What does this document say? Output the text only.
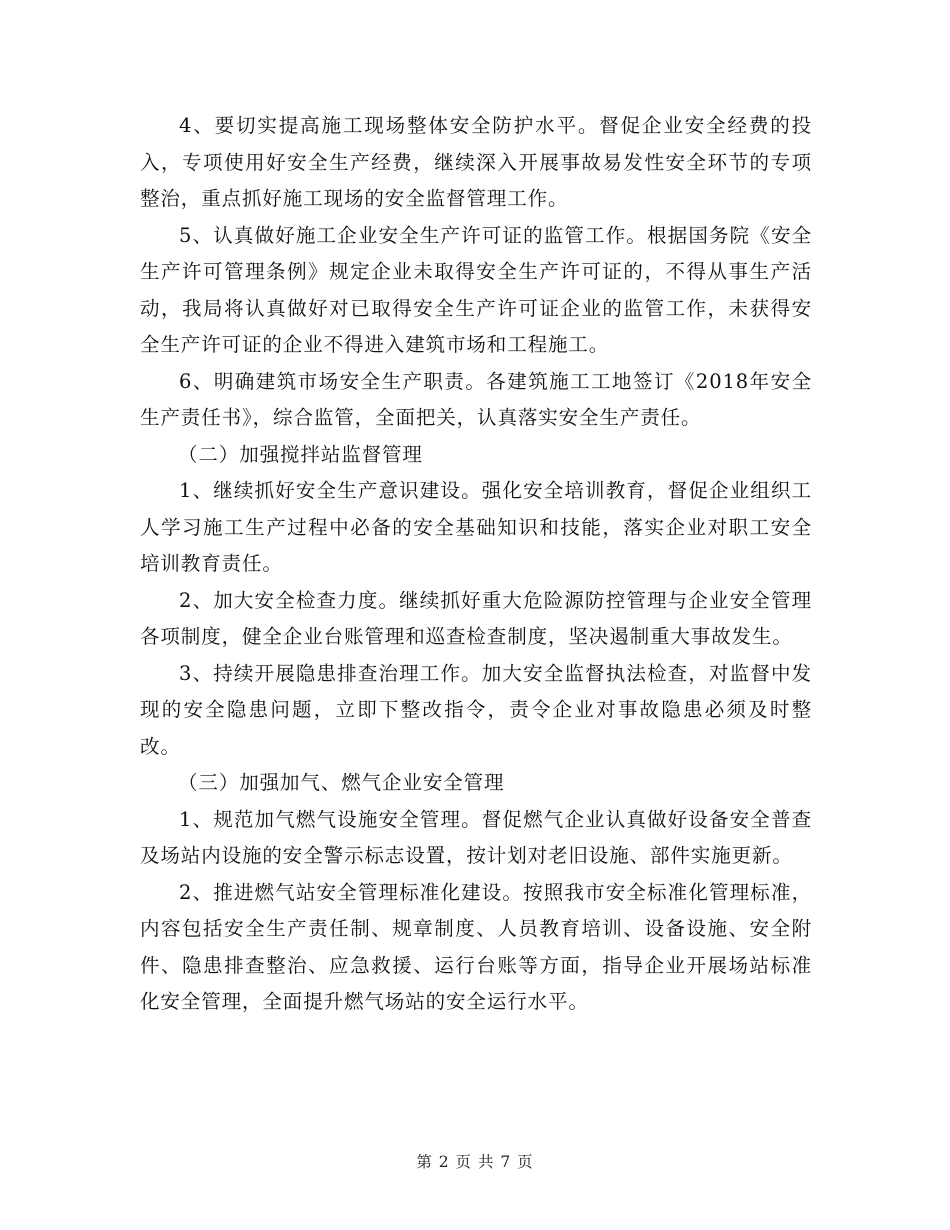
4、要切实提高施工现场整体安全防护水平。督促企业安全经费的投入，专项使用好安全生产经费，继续深入开展事故易发性安全环节的专项整治，重点抓好施工现场的安全监督管理工作。

5、认真做好施工企业安全生产许可证的监管工作。根据国务院《安全生产许可管理条例》规定企业未取得安全生产许可证的，不得从事生产活动，我局将认真做好对已取得安全生产许可证企业的监管工作，未获得安全生产许可证的企业不得进入建筑市场和工程施工。

6、明确建筑市场安全生产职责。各建筑施工工地签订《2018年安全生产责任书》，综合监管，全面把关，认真落实安全生产责任。

（二）加强搅拌站监督管理

1、继续抓好安全生产意识建设。强化安全培训教育，督促企业组织工人学习施工生产过程中必备的安全基础知识和技能，落实企业对职工安全培训教育责任。

2、加大安全检查力度。继续抓好重大危险源防控管理与企业安全管理各项制度，健全企业台账管理和巡查检查制度，坚决遏制重大事故发生。

3、持续开展隐患排查治理工作。加大安全监督执法检查，对监督中发现的安全隐患问题，立即下整改指令，责令企业对事故隐患必须及时整改。

（三）加强加气、燃气企业安全管理

1、规范加气燃气设施安全管理。督促燃气企业认真做好设备安全普查及场站内设施的安全警示标志设置，按计划对老旧设施、部件实施更新。

2、推进燃气站安全管理标准化建设。按照我市安全标准化管理标准，内容包括安全生产责任制、规章制度、人员教育培训、设备设施、安全附件、隐患排查整治、应急救援、运行台账等方面，指导企业开展场站标准化安全管理，全面提升燃气场站的安全运行水平。

第 2 页 共 7 页
